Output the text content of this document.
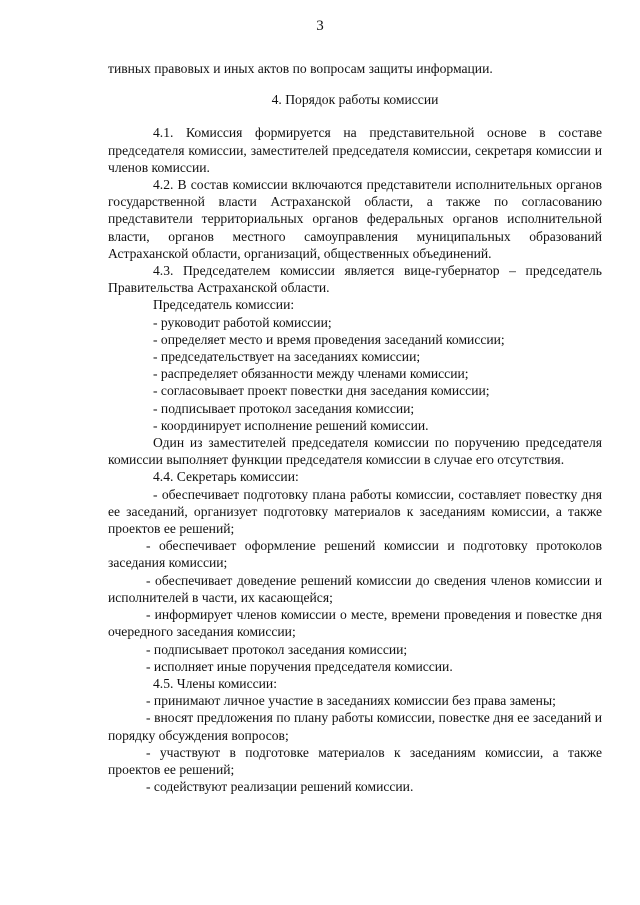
3

тивных правовых и иных актов по вопросам защиты информации.

4. Порядок работы комиссии

4.1. Комиссия формируется на представительной основе в составе председателя комиссии, заместителей председателя комиссии, секретаря комиссии и членов комиссии.

4.2. В состав комиссии включаются представители исполнительных органов государственной власти Астраханской области, а также по согласованию представители территориальных органов федеральных органов исполнительной власти, органов местного самоуправления муниципальных образований Астраханской области, организаций, общественных объединений.

4.3. Председателем комиссии является вице-губернатор – председатель Правительства Астраханской области.

Председатель комиссии:

- руководит работой комиссии;

- определяет место и время проведения заседаний комиссии;

- председательствует на заседаниях комиссии;

- распределяет обязанности между членами комиссии;

- согласовывает проект повестки дня заседания комиссии;

- подписывает протокол заседания комиссии;

- координирует исполнение решений комиссии.

Один из заместителей председателя комиссии по поручению председателя комиссии выполняет функции председателя комиссии в случае его отсутствия.

4.4. Секретарь комиссии:

- обеспечивает подготовку плана работы комиссии, составляет повестку дня ее заседаний, организует подготовку материалов к заседаниям комиссии, а также проектов ее решений;

- обеспечивает оформление решений комиссии и подготовку протоколов заседания комиссии;

- обеспечивает доведение решений комиссии до сведения членов комиссии и исполнителей в части, их касающейся;

- информирует членов комиссии о месте, времени проведения и повестке дня очередного заседания комиссии;

- подписывает протокол заседания комиссии;

- исполняет иные поручения председателя комиссии.

4.5. Члены комиссии:

- принимают личное участие в заседаниях комиссии без права замены;

- вносят предложения по плану работы комиссии, повестке дня ее заседаний и порядку обсуждения вопросов;

- участвуют в подготовке материалов к заседаниям комиссии, а также проектов ее решений;

- содействуют реализации решений комиссии.
